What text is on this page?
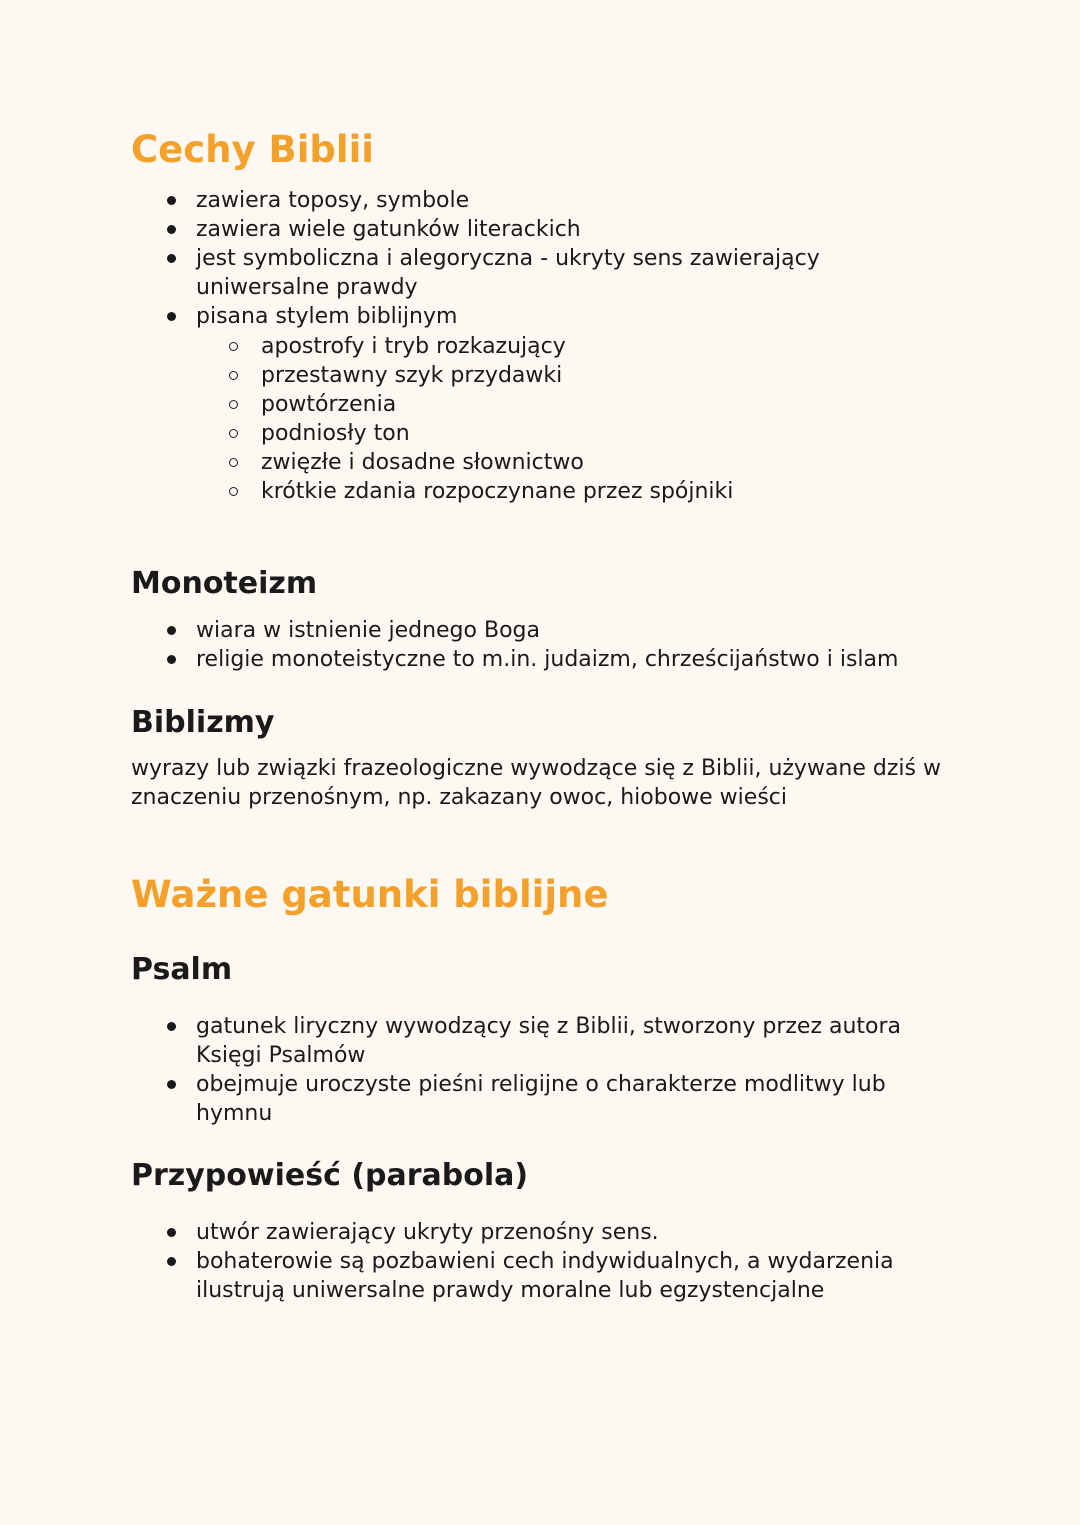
Cechy Biblii
zawiera toposy, symbole
zawiera wiele gatunków literackich
jest symboliczna i alegoryczna - ukryty sens zawierający
uniwersalne prawdy
pisana stylem biblijnym
apostrofy i tryb rozkazujący
przestawny szyk przydawki
powtórzenia
podniosły ton
zwięzłe i dosadne słownictwo
krótkie zdania rozpoczynane przez spójniki
Monoteizm
wiara w istnienie jednego Boga
religie monoteistyczne to m.in. judaizm, chrześcijaństwo i islam
Biblizmy

wyrazy lub związki frazeologiczne wywodzące się z Biblii, używane dziś w
znaczeniu przenośnym, np. zakazany owoc, hiobowe wieści

Ważne gatunki biblijne
Psalm
gatunek liryczny wywodzący się z Biblii, stworzony przez autora
Księgi Psalmów
obejmuje uroczyste pieśni religijne o charakterze modlitwy lub
hymnu
Przypowieść (parabola)
utwór zawierający ukryty przenośny sens.
bohaterowie są pozbawieni cech indywidualnych, a wydarzenia
ilustrują uniwersalne prawdy moralne lub egzystencjalne
